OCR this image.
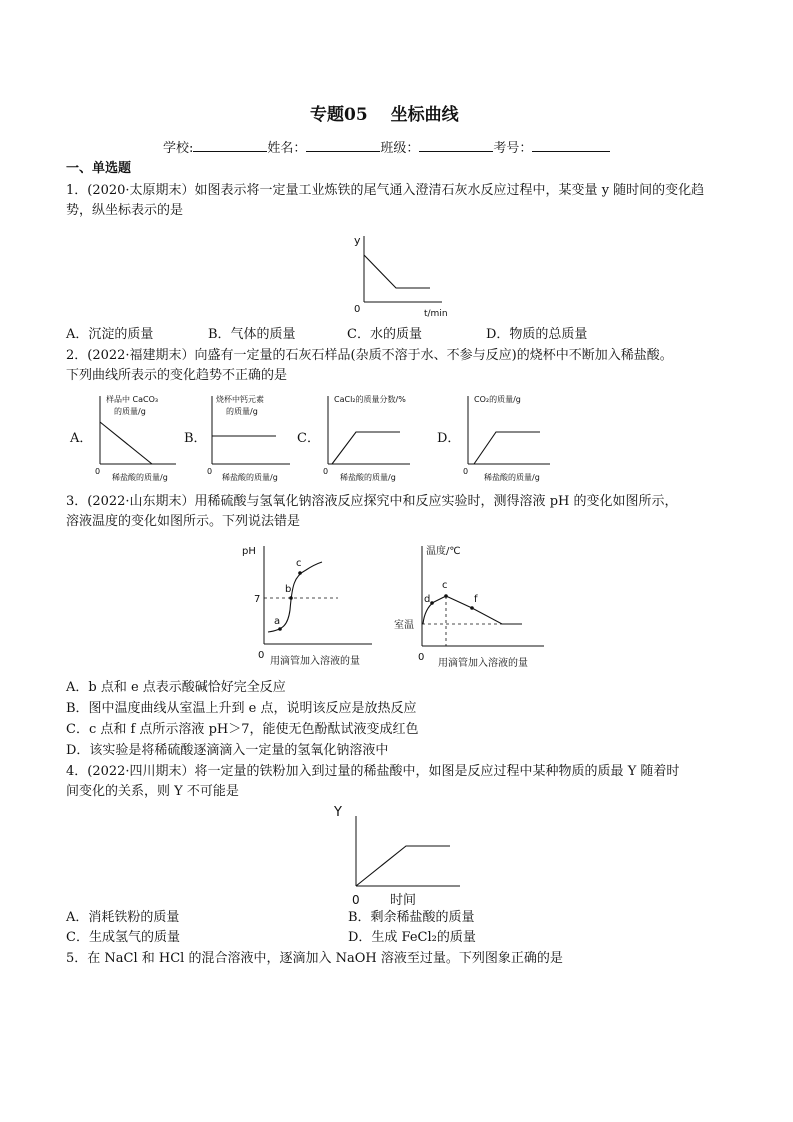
专题05　 坐标曲线
学校:	姓名：	班级：	考号：
一、单选题
1．(2020·太原期末）如图表示将一定量工业炼铁的尾气通入澄清石灰水反应过程中，某变量 y 随时间的变化趋势，纵坐标表示的是
y
0	t/min
A．沉淀的质量	B．气体的质量	C．水的质量	D．物质的总质量
2．(2022·福建期末）向盛有一定量的石灰石样品(杂质不溶于水、不参与反应)的烧杯中不断加入稀盐酸。
下列曲线所表示的变化趋势不正确的是
A．
样品中 CaCO₃
的质量/g
0
稀盐酸的质量/g
B．
烧杯中钙元素
的质量/g
0
稀盐酸的质量/g
C．
CaCl₂的质量分数/%
0
稀盐酸的质量/g
D．
CO₂的质量/g
0
稀盐酸的质量/g
3．(2022·山东期末）用稀硫酸与氢氧化钠溶液反应探究中和反应实验时，测得溶液 pH 的变化如图所示，
溶液温度的变化如图所示。下列说法错是
pH
7
a
b
c
0
用滴管加入溶液的量
温度/℃
室温
d
c
f
0
用滴管加入溶液的量
A．b 点和 e 点表示酸碱恰好完全反应
B．图中温度曲线从室温上升到 e 点，说明该反应是放热反应
C．c 点和 f 点所示溶液 pH＞7，能使无色酚酞试液变成红色
D．该实验是将稀硫酸逐滴滴入一定量的氢氧化钠溶液中
4．(2022·四川期末）将一定量的铁粉加入到过量的稀盐酸中，如图是反应过程中某种物质的质最 Y 随着时
间变化的关系，则 Y 不可能是
Y
0 时间
A．消耗铁粉的质量	B．剩余稀盐酸的质量
C．生成氢气的质量	D．生成 FeCl₂的质量
5．在 NaCl 和 HCl 的混合溶液中，逐滴加入 NaOH 溶液至过量。下列图象正确的是
